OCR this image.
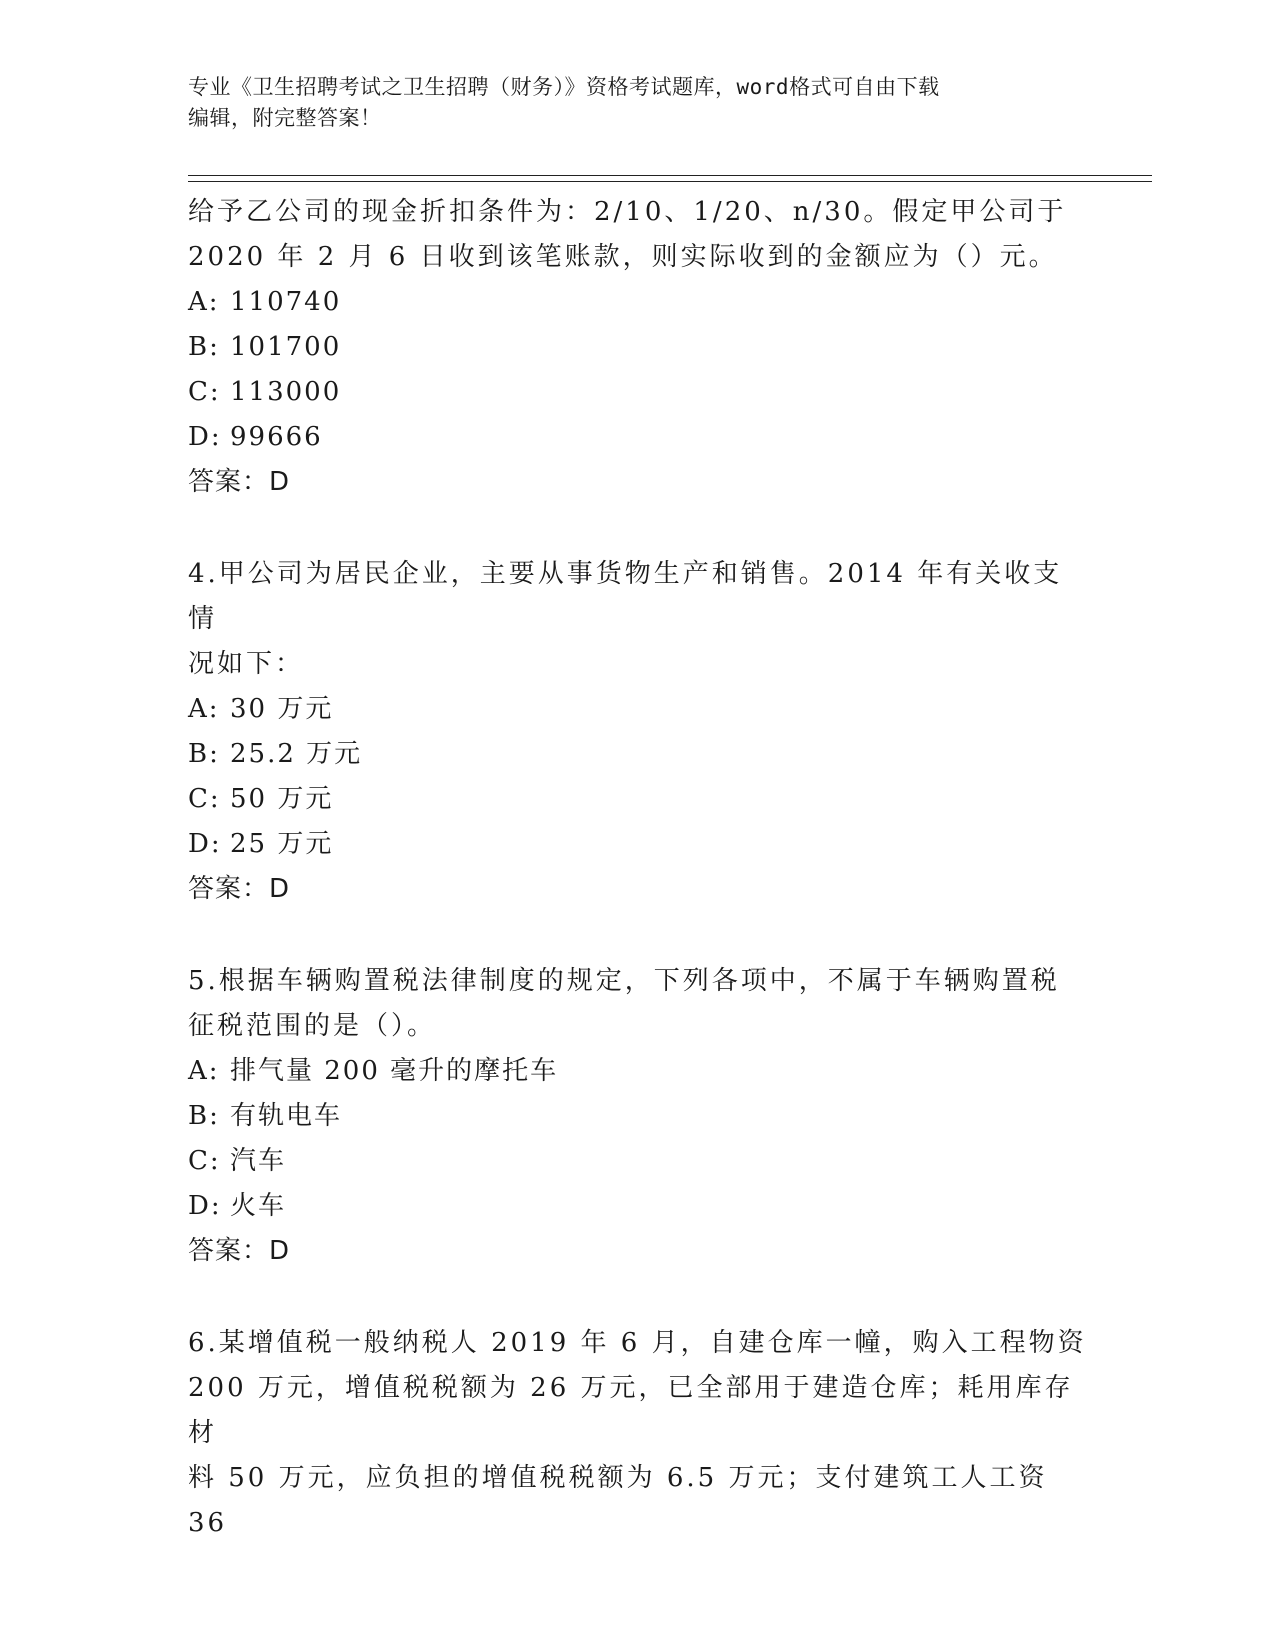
专业《卫生招聘考试之卫生招聘（财务）》资格考试题库，word格式可自由下载
编辑，附完整答案！

给予乙公司的现金折扣条件为：2/10、1/20、n/30。假定甲公司于

2020 年 2 月 6 日收到该笔账款，则实际收到的金额应为（）元。

A: 110740

B: 101700

C: 113000

D: 99666

答案：D

4.甲公司为居民企业，主要从事货物生产和销售。2014 年有关收支情

况如下：

A: 30 万元

B: 25.2 万元

C: 50 万元

D: 25 万元

答案：D

5.根据车辆购置税法律制度的规定，下列各项中，不属于车辆购置税

征税范围的是（）。

A: 排气量 200 毫升的摩托车

B: 有轨电车

C: 汽车

D: 火车

答案：D

6.某增值税一般纳税人 2019 年 6 月，自建仓库一幢，购入工程物资

200 万元，增值税税额为 26 万元，已全部用于建造仓库；耗用库存材

料 50 万元，应负担的增值税税额为 6.5 万元；支付建筑工人工资 36
